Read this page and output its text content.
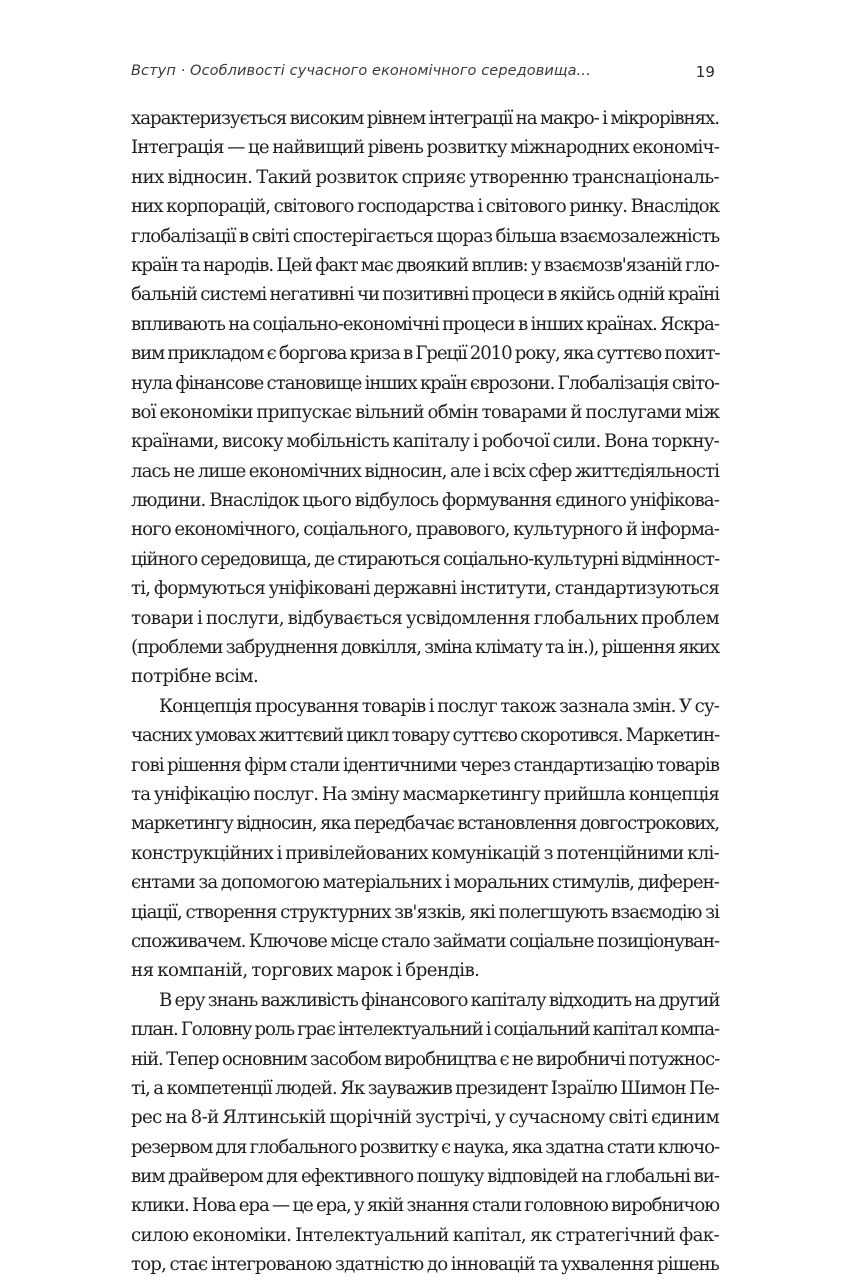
Вступ · Особливості сучасного економічного середовища...	19
характеризується високим рівнем інтеграції на макро- і мікрорівнях.
Інтеграція — це найвищий рівень розвитку міжнародних економіч-
них відносин. Такий розвиток сприяє утворенню транснаціональ-
них корпорацій, світового господарства і світового ринку. Внаслідок
глобалізації в світі спостерігається щораз більша взаємозалежність
країн та народів. Цей факт має двоякий вплив: у взаємозв'язаній гло-
бальній системі негативні чи позитивні процеси в якійсь одній країні
впливають на соціально-економічні процеси в інших країнах. Яскра-
вим прикладом є боргова криза в Греції 2010 року, яка суттєво похит-
нула фінансове становище інших країн єврозони. Глобалізація світо-
вої економіки припускає вільний обмін товарами й послугами між
країнами, високу мобільність капіталу і робочої сили. Вона торкну-
лась не лише економічних відносин, але і всіх сфер життєдіяльності
людини. Внаслідок цього відбулось формування єдиного уніфікова-
ного економічного, соціального, правового, культурного й інформа-
ційного середовища, де стираються соціально-культурні відмінност-
ті, формуються уніфіковані державні інститути, стандартизуються
товари і послуги, відбувається усвідомлення глобальних проблем
(проблеми забруднення довкілля, зміна клімату та ін.), рішення яких
потрібне всім.
Концепція просування товарів і послуг також зазнала змін. У су-
часних умовах життєвий цикл товару суттєво скоротився. Маркетин-
гові рішення фірм стали ідентичними через стандартизацію товарів
та уніфікацію послуг. На зміну масмаркетингу прийшла концепція
маркетингу відносин, яка передбачає встановлення довгострокових,
конструкційних і привілейованих комунікацій з потенційними клі-
єнтами за допомогою матеріальних і моральних стимулів, диферен-
ціації, створення структурних зв'язків, які полегшують взаємодію зі
споживачем. Ключове місце стало займати соціальне позиціонуван-
ня компаній, торгових марок і брендів.
В еру знань важливість фінансового капіталу відходить на другий
план. Головну роль грає інтелектуальний і соціальний капітал компа-
ній. Тепер основним засобом виробництва є не виробничі потужнос-
ті, а компетенції людей. Як зауважив президент Ізраїлю Шимон Пе-
рес на 8-й Ялтинській щорічній зустрічі, у сучасному світі єдиним
резервом для глобального розвитку є наука, яка здатна стати ключо-
вим драйвером для ефективного пошуку відповідей на глобальні ви-
клики. Нова ера — це ера, у якій знання стали головною виробничою
силою економіки. Інтелектуальний капітал, як стратегічний фак-
тор, стає інтегрованою здатністю до інновацій та ухвалення рішень
